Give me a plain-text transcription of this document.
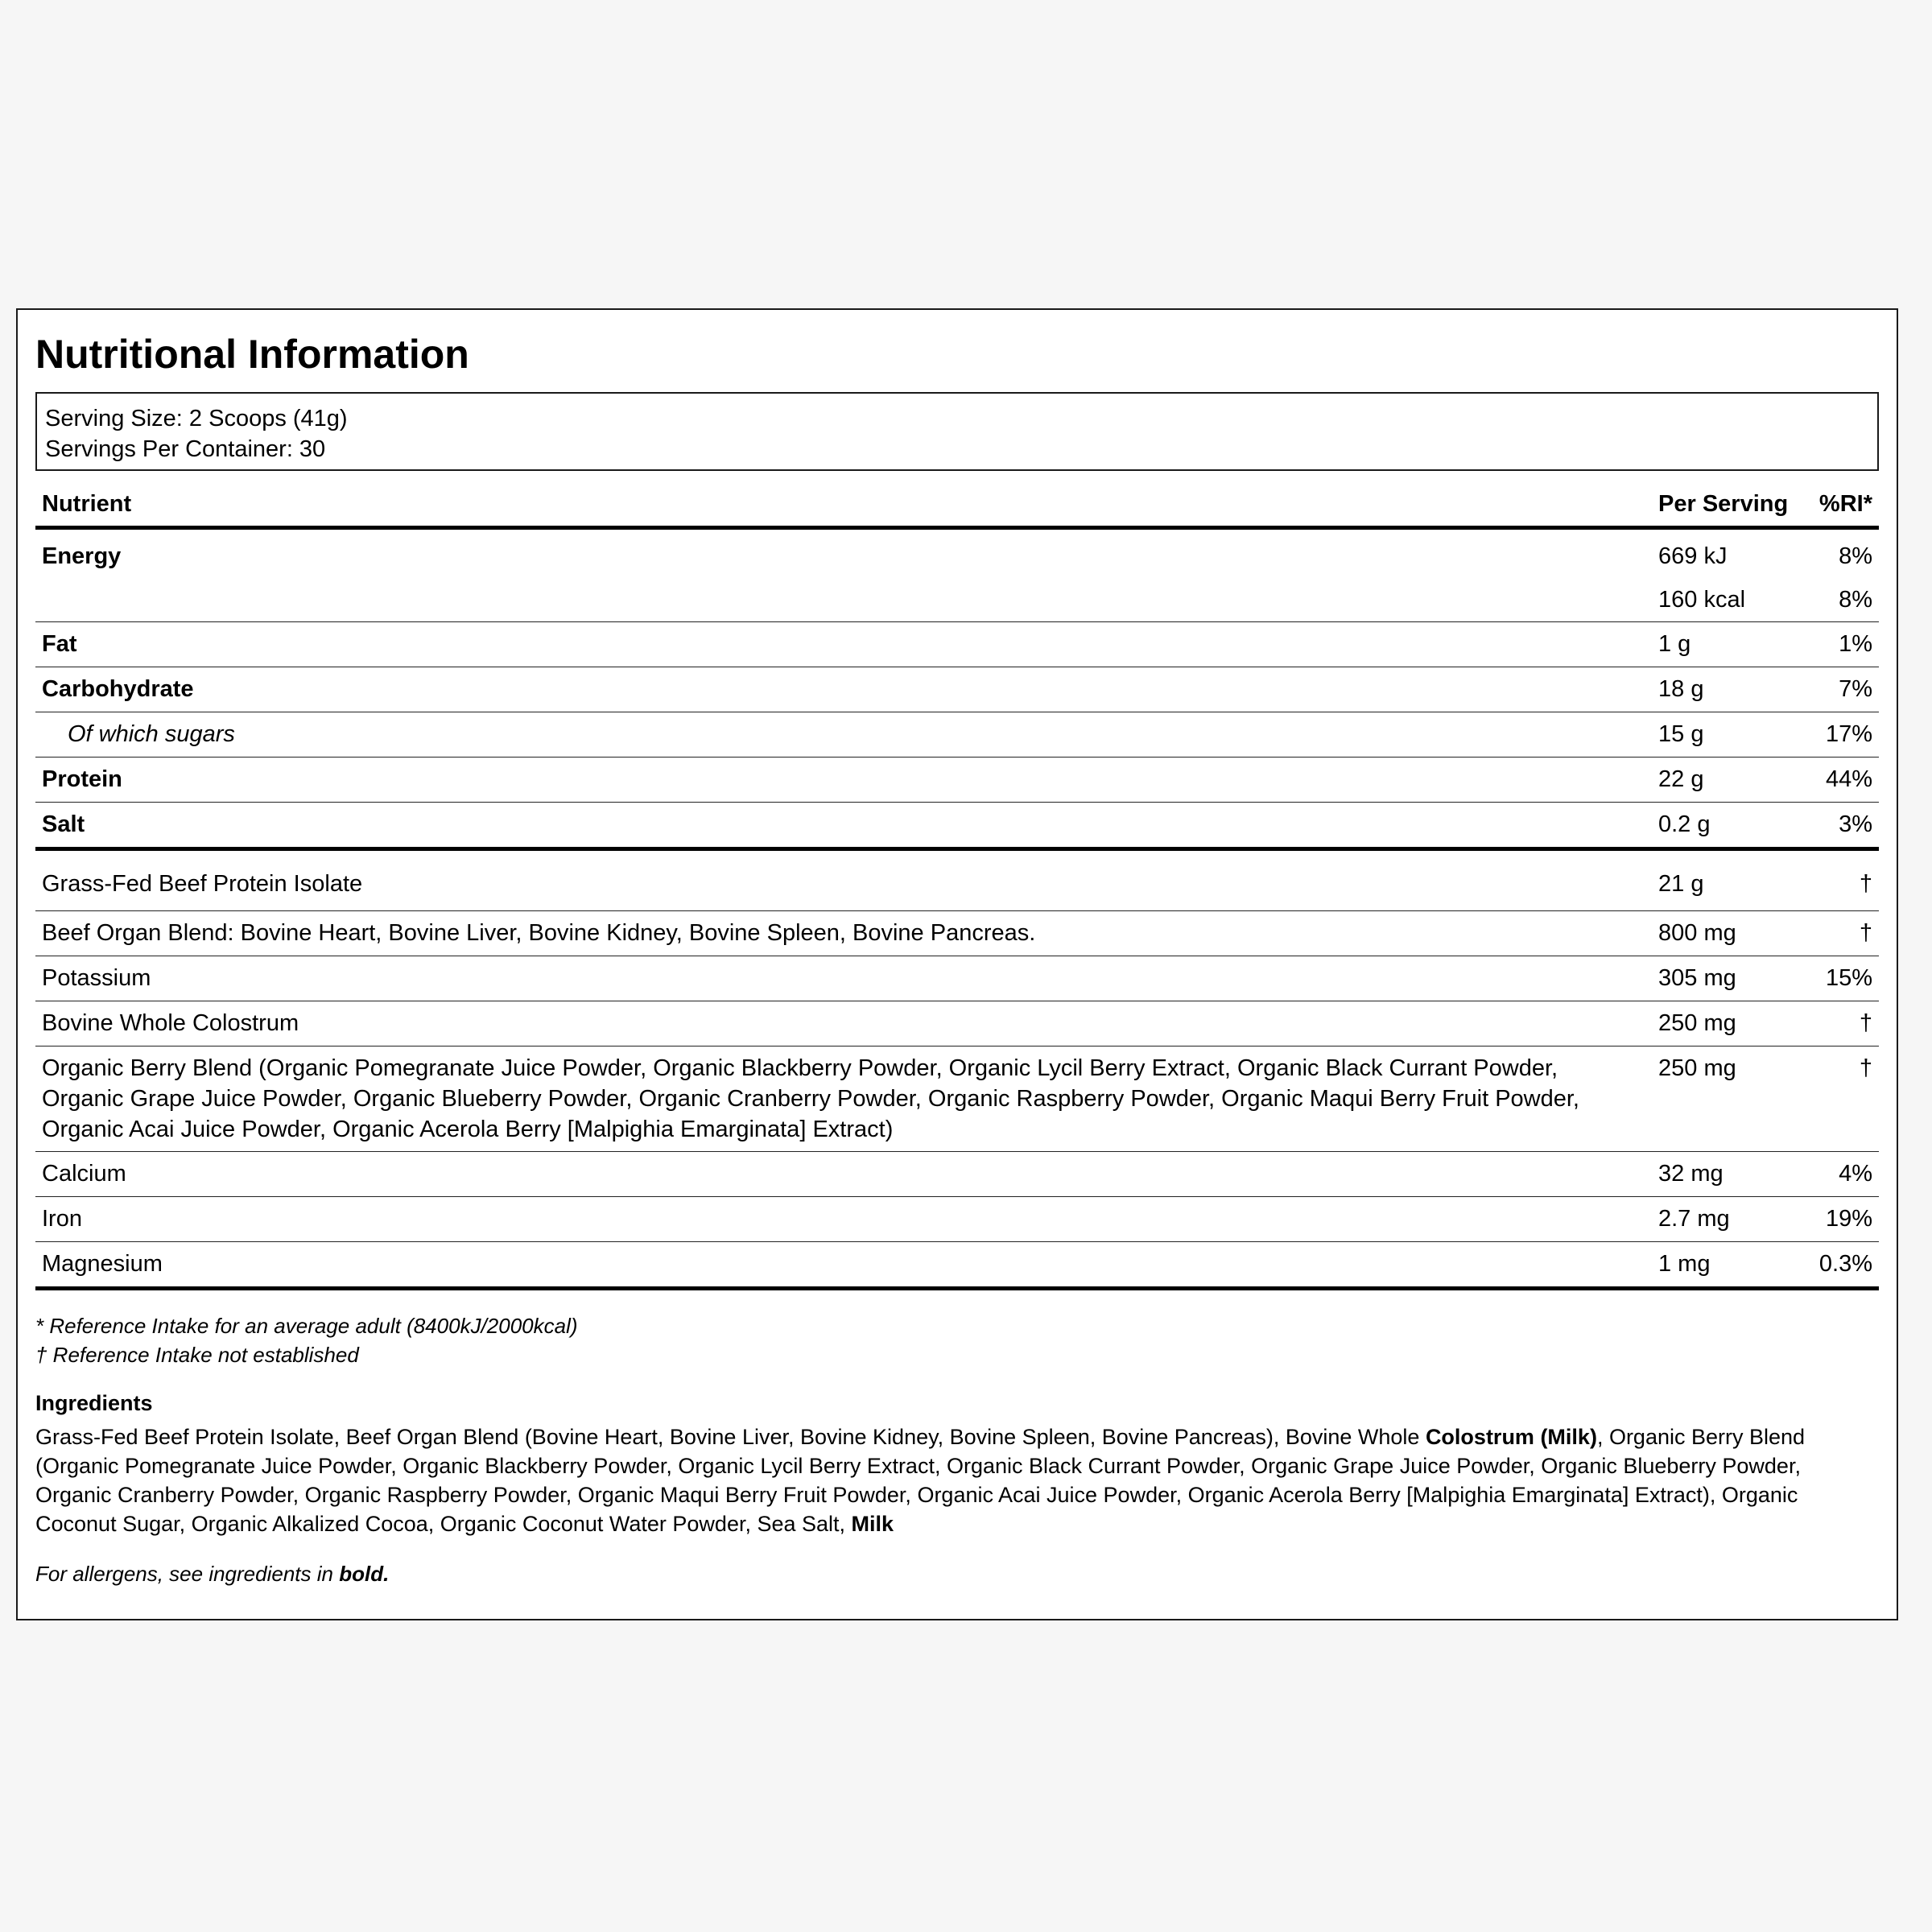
Nutritional Information
Serving Size: 2 Scoops (41g)
Servings Per Container: 30
Nutrient	Per Serving	%RI*
Energy	669 kJ	8%
	160 kcal	8%
Fat	1 g	1%
Carbohydrate	18 g	7%
Of which sugars	15 g	17%
Protein	22 g	44%
Salt	0.2 g	3%
Grass-Fed Beef Protein Isolate	21 g	†
Beef Organ Blend: Bovine Heart, Bovine Liver, Bovine Kidney, Bovine Spleen, Bovine Pancreas.	800 mg	†
Potassium	305 mg	15%
Bovine Whole Colostrum	250 mg	†
Organic Berry Blend (Organic Pomegranate Juice Powder, Organic Blackberry Powder, Organic Lycil Berry Extract, Organic Black Currant Powder, Organic Grape Juice Powder, Organic Blueberry Powder, Organic Cranberry Powder, Organic Raspberry Powder, Organic Maqui Berry Fruit Powder, Organic Acai Juice Powder, Organic Acerola Berry [Malpighia Emarginata] Extract)	250 mg	†
Calcium	32 mg	4%
Iron	2.7 mg	19%
Magnesium	1 mg	0.3%
* Reference Intake for an average adult (8400kJ/2000kcal)
† Reference Intake not established
Ingredients
Grass-Fed Beef Protein Isolate, Beef Organ Blend (Bovine Heart, Bovine Liver, Bovine Kidney, Bovine Spleen, Bovine Pancreas), Bovine Whole Colostrum (Milk), Organic Berry Blend (Organic Pomegranate Juice Powder, Organic Blackberry Powder, Organic Lycil Berry Extract, Organic Black Currant Powder, Organic Grape Juice Powder, Organic Blueberry Powder, Organic Cranberry Powder, Organic Raspberry Powder, Organic Maqui Berry Fruit Powder, Organic Acai Juice Powder, Organic Acerola Berry [Malpighia Emarginata] Extract), Organic Coconut Sugar, Organic Alkalized Cocoa, Organic Coconut Water Powder, Sea Salt, Milk
For allergens, see ingredients in bold.
